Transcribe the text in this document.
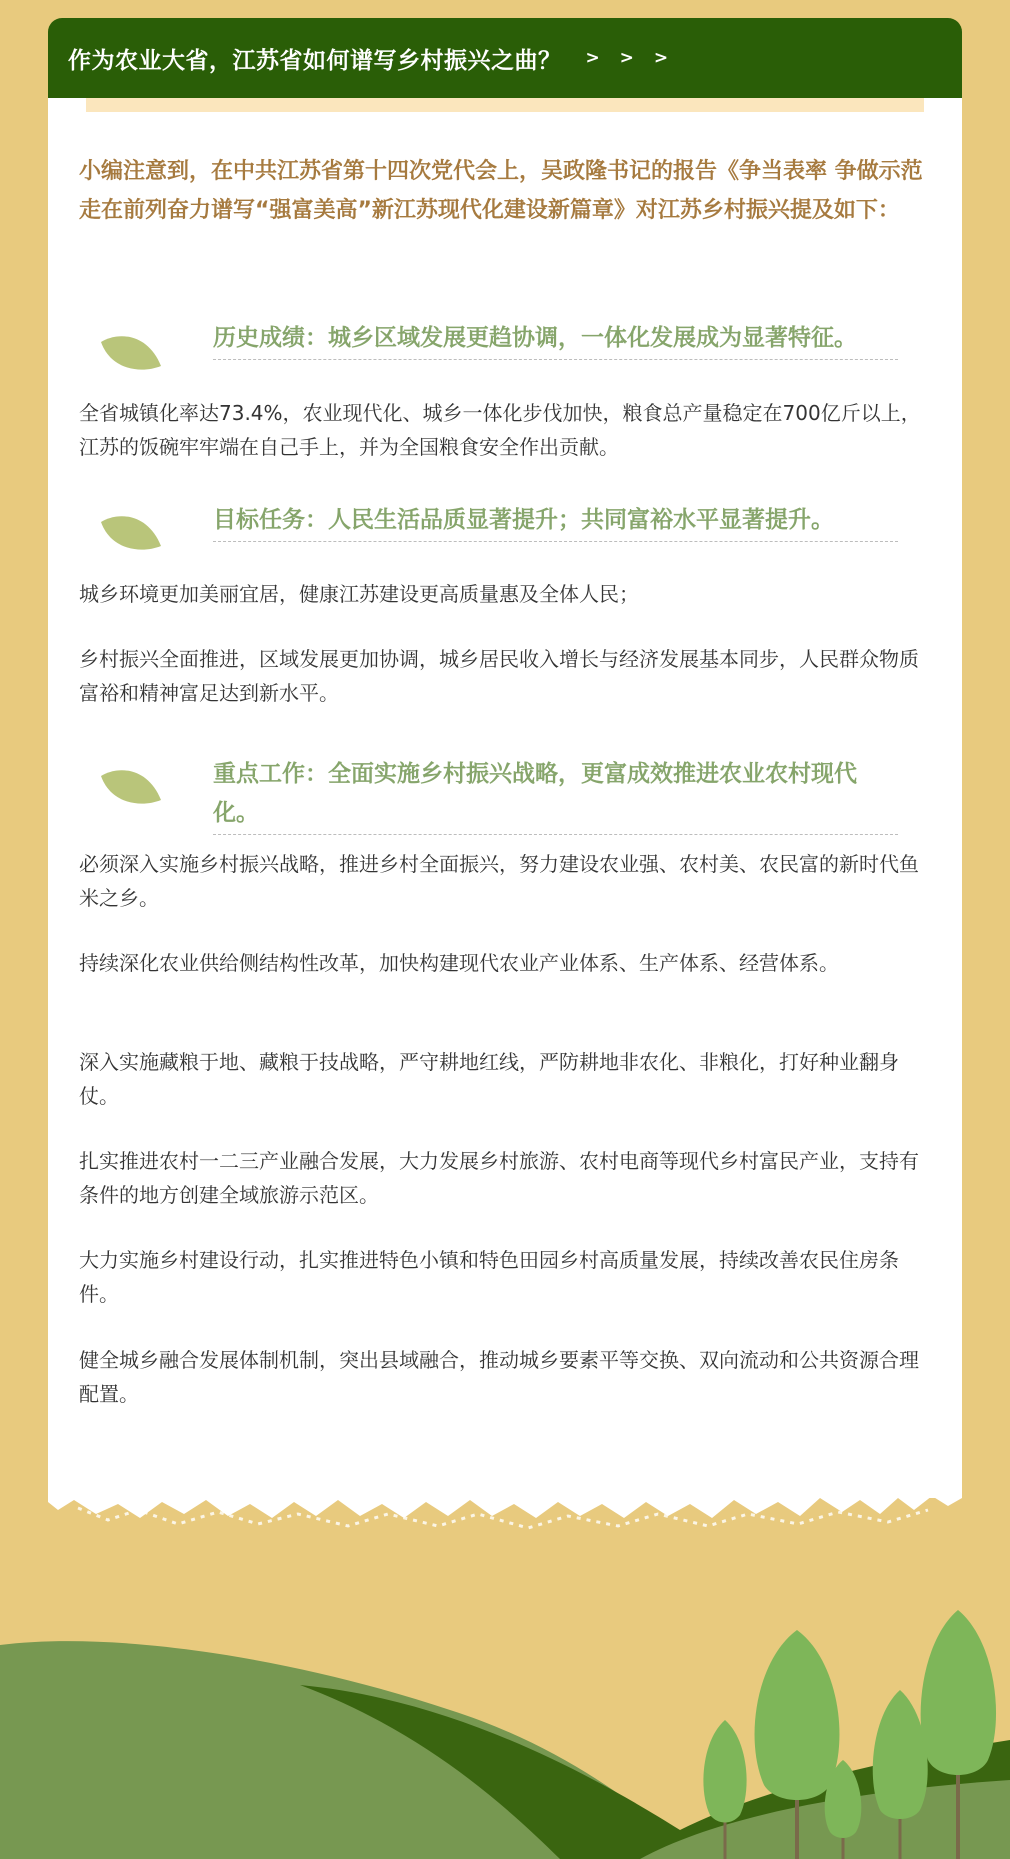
作为农业大省，江苏省如何谱写乡村振兴之曲？ > > >
小编注意到，在中共江苏省第十四次党代会上，吴政隆书记的报告《争当表率 争做示范 走在前列奋力谱写“强富美高”新江苏现代化建设新篇章》对江苏乡村振兴提及如下：
历史成绩：城乡区域发展更趋协调，一体化发展成为显著特征。

全省城镇化率达73.4%，农业现代化、城乡一体化步伐加快，粮食总产量稳定在700亿斤以上，江苏的饭碗牢牢端在自己手上，并为全国粮食安全作出贡献。

目标任务：人民生活品质显著提升；共同富裕水平显著提升。

城乡环境更加美丽宜居，健康江苏建设更高质量惠及全体人民；

乡村振兴全面推进，区域发展更加协调，城乡居民收入增长与经济发展基本同步，人民群众物质富裕和精神富足达到新水平。

重点工作：全面实施乡村振兴战略，更富成效推进农业农村现代化。

必须深入实施乡村振兴战略，推进乡村全面振兴，努力建设农业强、农村美、农民富的新时代鱼米之乡。

持续深化农业供给侧结构性改革，加快构建现代农业产业体系、生产体系、经营体系。

深入实施藏粮于地、藏粮于技战略，严守耕地红线，严防耕地非农化、非粮化，打好种业翻身仗。

扎实推进农村一二三产业融合发展，大力发展乡村旅游、农村电商等现代乡村富民产业，支持有条件的地方创建全域旅游示范区。

大力实施乡村建设行动，扎实推进特色小镇和特色田园乡村高质量发展，持续改善农民住房条件。

健全城乡融合发展体制机制，突出县域融合，推动城乡要素平等交换、双向流动和公共资源合理配置。
